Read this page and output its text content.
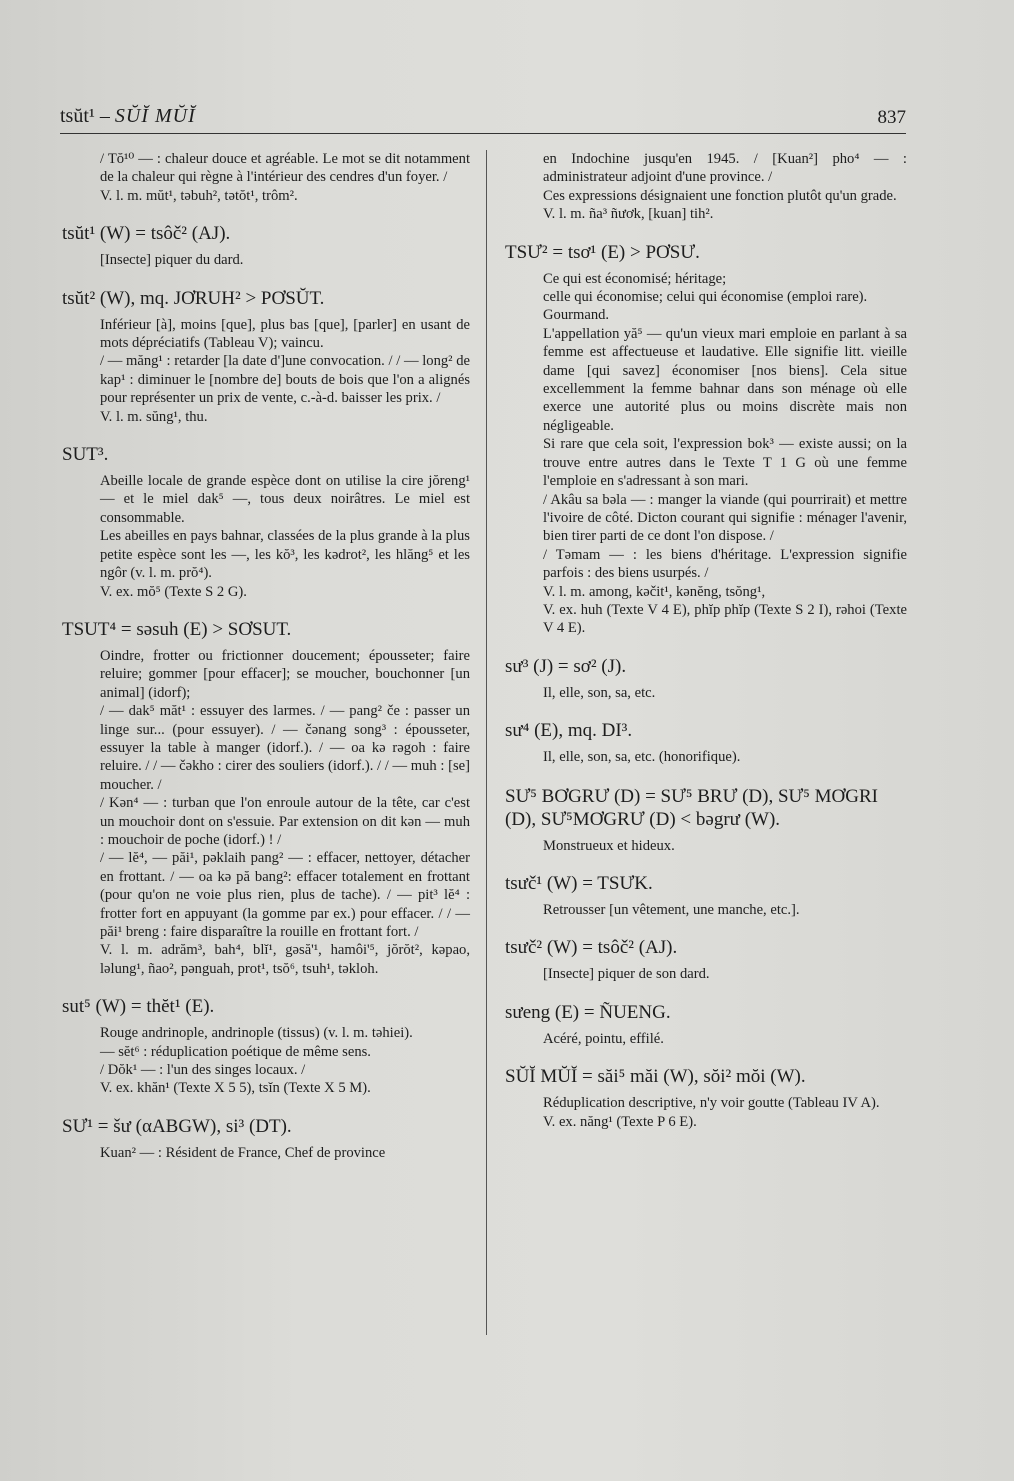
tsŭt¹ – SŬĬ MŬĬ	837

/ Tŏ¹⁰ — : chaleur douce et agréable. Le mot se dit notamment de la chaleur qui règne à l'intérieur des cendres d'un foyer. /

V. l. m. mŭt¹, təbuh², tətŏt¹, trôm².

tsŭt¹ (W) = tsôč² (AJ).

[Insecte] piquer du dard.

tsŭt² (W), mq. JƠRUH² > PƠSŬT.

Inférieur [à], moins [que], plus bas [que], [parler] en usant de mots dépréciatifs (Tableau V); vaincu.

/ — măng¹ : retarder [la date d']une convocation. / / — long² de kap¹ : diminuer le [nombre de] bouts de bois que l'on a alignés pour représenter un prix de vente, c.-à-d. baisser les prix. /

V. l. m. sŭng¹, thu.

SUT³.

Abeille locale de grande espèce dont on utilise la cire jŏreng¹ — et le miel dak⁵ —, tous deux noirâtres. Le miel est consommable.

Les abeilles en pays bahnar, classées de la plus grande à la plus petite espèce sont les —, les kŏ³, les kədrot², les hlăng⁵ et les ngôr (v. l. m. prŏ⁴).

V. ex. mŏ⁵ (Texte S 2 G).

TSUT⁴ = səsuh (E) > SƠSUT.

Oindre, frotter ou frictionner doucement; épousseter; faire reluire; gommer [pour effacer]; se moucher, bouchonner [un animal] (idorf);

/ — dak⁵ măt¹ : essuyer des larmes. / — pang² če : passer un linge sur... (pour essuyer). / — čənang song³ : épousseter, essuyer la table à manger (idorf.). / — oa kə rəgoh : faire reluire. / / — čəkho : cirer des souliers (idorf.). / / — muh : [se] moucher. /

/ Kən⁴ — : turban que l'on enroule autour de la tête, car c'est un mouchoir dont on s'essuie. Par extension on dit kən — muh : mouchoir de poche (idorf.) ! /

/ — lĕ⁴, — păi¹, pəklaih pang² — : effacer, nettoyer, détacher en frottant. / — oa kə pă bang²: effacer totalement en frottant (pour qu'on ne voie plus rien, plus de tache). / — pit³ lĕ⁴ : frotter fort en appuyant (la gomme par ex.) pour effacer. / / — păi¹ breng : faire disparaître la rouille en frottant fort. /

V. l. m. adrăm³, bah⁴, blĭ¹, gəsă'¹, hamôi'⁵, jŏrŏt², kəpao, ləlung¹, ñao², pənguah, prot¹, tsŏ⁶, tsuh¹, təkloh.

sut⁵ (W) = thĕt¹ (E).

Rouge andrinople, andrinople (tissus) (v. l. m. təhiei).

— sĕt⁶ : réduplication poétique de même sens.

/ Dŏk¹ — : l'un des singes locaux. /

V. ex. khăn¹ (Texte X 5 5), tsĭn (Texte X 5 M).

SƯ¹ = šư (αABGW), si³ (DT).

Kuan² — : Résident de France, Chef de province

en Indochine jusqu'en 1945. / [Kuan²] pho⁴ — : administrateur adjoint d'une province. /

Ces expressions désignaient une fonction plutôt qu'un grade.

V. l. m. ña³ ñươk, [kuan] tih².

TSƯ² = tsơ¹ (E) > PƠSƯ.

Ce qui est économisé; héritage;

celle qui économise; celui qui économise (emploi rare).

Gourmand.

L'appellation yă⁵ — qu'un vieux mari emploie en parlant à sa femme est affectueuse et laudative. Elle signifie litt. vieille dame [qui savez] économiser [nos biens]. Cela situe excellemment la femme bahnar dans son ménage où elle exerce une autorité plus ou moins discrète mais non négligeable.

Si rare que cela soit, l'expression bok³ — existe aussi; on la trouve entre autres dans le Texte T 1 G où une femme l'emploie en s'adressant à son mari.

/ Akâu sa bəla — : manger la viande (qui pourrirait) et mettre l'ivoire de côté. Dicton courant qui signifie : ménager l'avenir, bien tirer parti de ce dont l'on dispose. /

/ Təmam — : les biens d'héritage. L'expression signifie parfois : des biens usurpés. /

V. l. m. among, kəčit¹, kənĕng, tsŏng¹,

V. ex. huh (Texte V 4 E), phĭp phĭp (Texte S 2 I), rəhoi (Texte V 4 E).

sư³ (J) = sơ² (J).

Il, elle, son, sa, etc.

sư⁴ (E), mq. DI³.

Il, elle, son, sa, etc. (honorifique).

SƯ⁵ BƠGRƯ (D) = SƯ⁵ BRƯ (D), SƯ⁵ MƠGRI (D), SƯ⁵MƠGRƯ (D) < bəgrư (W).

Monstrueux et hideux.

tsưč¹ (W) = TSƯK.

Retrousser [un vêtement, une manche, etc.].

tsưč² (W) = tsôč² (AJ).

[Insecte] piquer de son dard.

sưeng (E) = ÑUENG.

Acéré, pointu, effilé.

SŬĬ MŬĬ = săi⁵ măi (W), sŏi² mŏi (W).

Réduplication descriptive, n'y voir goutte (Tableau IV A).

V. ex. năng¹ (Texte P 6 E).
